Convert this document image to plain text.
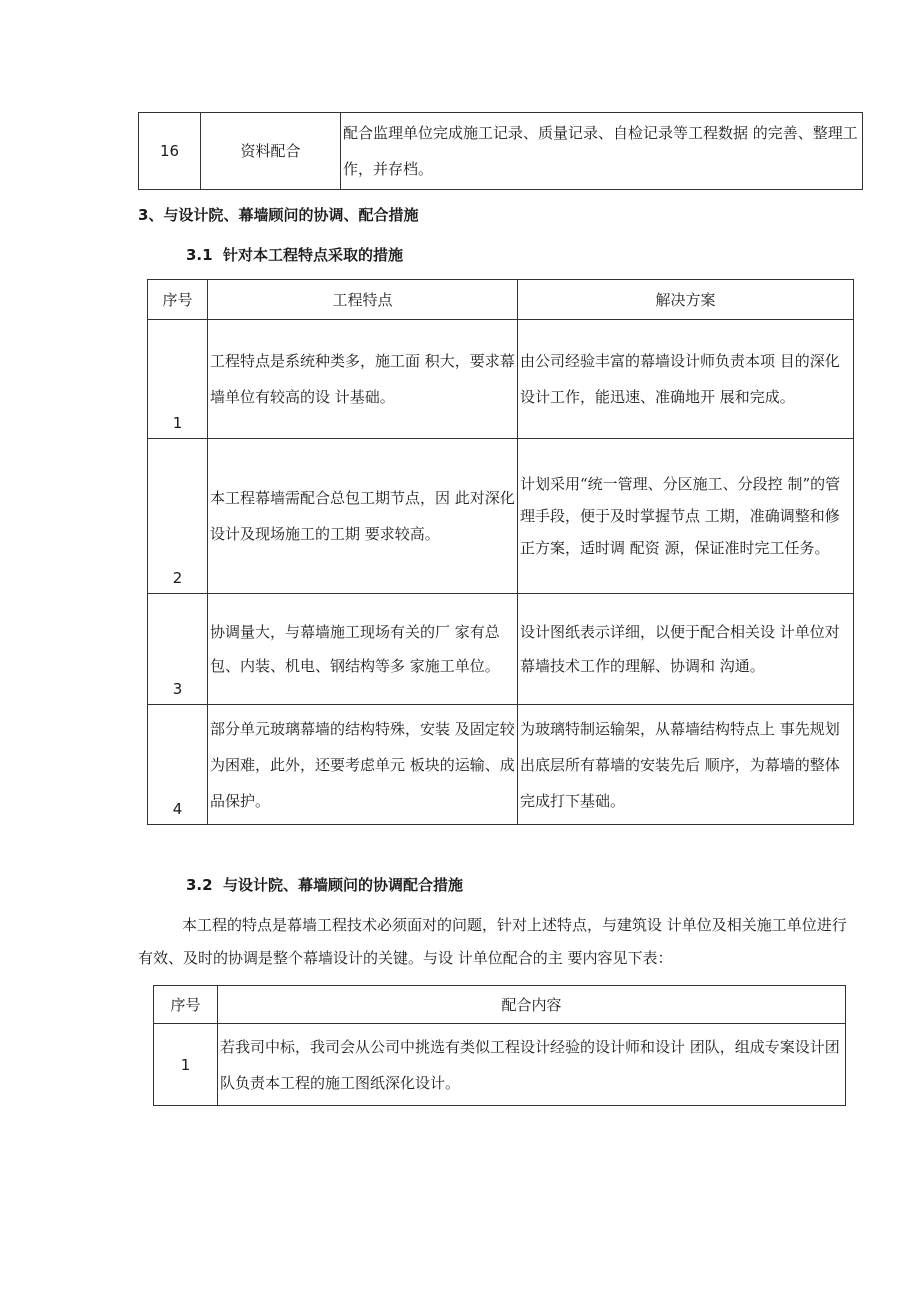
16	资料配合	配合监理单位完成施工记录、质量记录、自检记录等工程数据 的完善、整理工作，并存档。
3、与设计院、幕墙顾问的协调、配合措施
3.1 针对本工程特点采取的措施
序号	工程特点	解决方案
1	工程特点是系统种类多，施工面 积大，要求幕墙单位有较高的设 计基础。	由公司经验丰富的幕墙设计师负责本项 目的深化设计工作，能迅速、准确地开 展和完成。
2	本工程幕墙需配合总包工期节点，因 此对深化设计及现场施工的工期 要求较高。	计划采用“统一管理、分区施工、分段控 制”的管理手段，便于及时掌握节点 工期，准确调整和修正方案，适时调 配资 源，保证准时完工任务。
3	协调量大，与幕墙施工现场有关的厂 家有总包、内装、机电、钢结构等多 家施工单位。	设计图纸表示详细，以便于配合相关设 计单位对幕墙技术工作的理解、协调和 沟通。
4	部分单元玻璃幕墙的结构特殊，安装 及固定较为困难，此外，还要考虑单元 板块的运输、成品保护。	为玻璃特制运输架，从幕墙结构特点上 事先规划出底层所有幕墙的安装先后 顺序，为幕墙的整体完成打下基础。
3.2 与设计院、幕墙顾问的协调配合措施
本工程的特点是幕墙工程技术必须面对的问题，针对上述特点，与建筑设 计单位及相关施工单位进行有效、及时的协调是整个幕墙设计的关键。与设 计单位配合的主 要内容见下表：
序号	配合内容
1	若我司中标，我司会从公司中挑选有类似工程设计经验的设计师和设计 团队，组成专案设计团队负责本工程的施工图纸深化设计。
